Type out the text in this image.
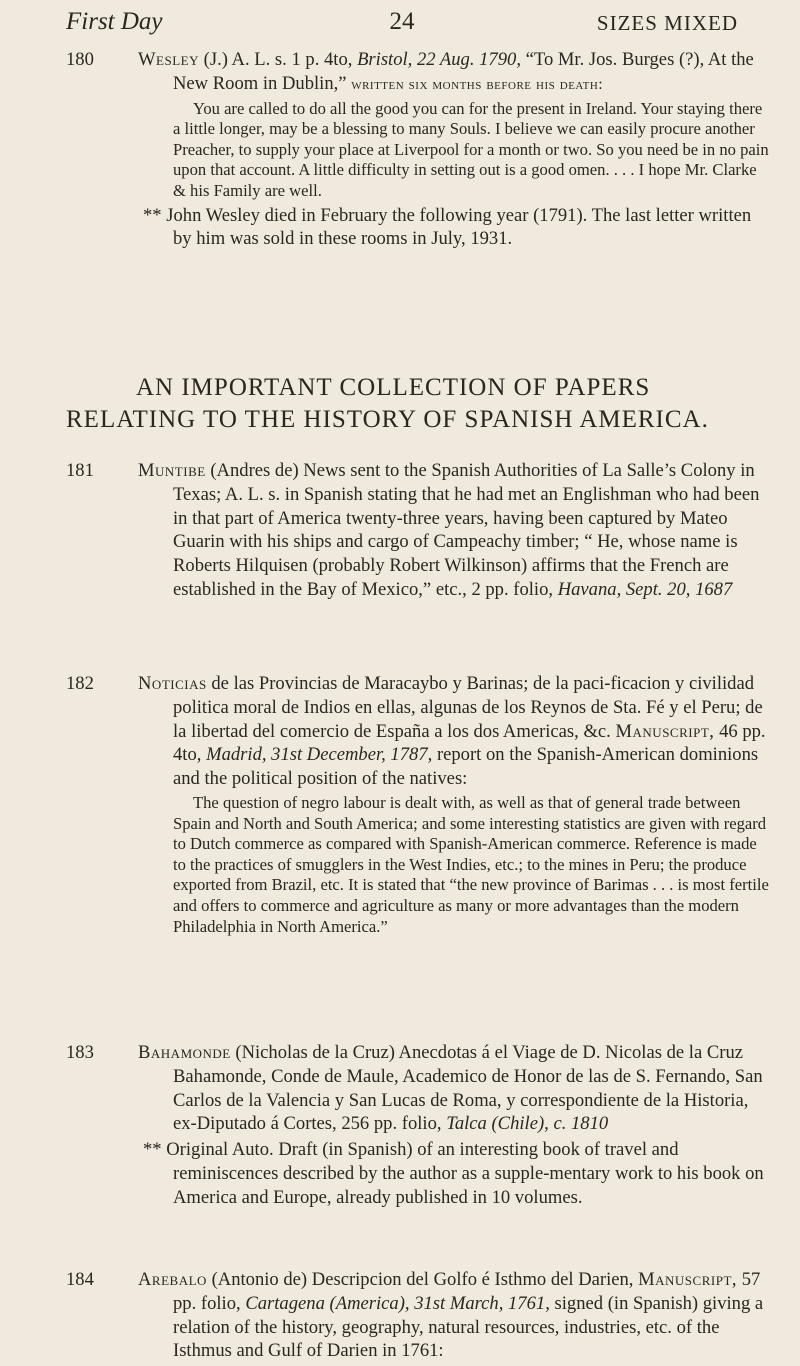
First Day	24	SIZES MIXED
180	Wesley (J.) A. L. s. 1 p. 4to, Bristol, 22 Aug. 1790, “To Mr. Jos. Burges (?), At the New Room in Dublin,” written six months before his death:
You are called to do all the good you can for the present in Ireland. Your staying there a little longer, may be a blessing to many Souls. I believe we can easily procure another Preacher, to supply your place at Liverpool for a month or two. So you need be in no pain upon that account. A little difficulty in setting out is a good omen. . . . I hope Mr. Clarke & his Family are well.
** John Wesley died in February the following year (1791). The last letter written by him was sold in these rooms in July, 1931.
AN IMPORTANT COLLECTION OF PAPERS
RELATING TO THE HISTORY OF SPANISH AMERICA.
181	Muntibe (Andres de) News sent to the Spanish Authorities of La Salle’s Colony in Texas; A. L. s. in Spanish stating that he had met an Englishman who had been in that part of America twenty-three years, having been captured by Mateo Guarin with his ships and cargo of Campeachy timber; “ He, whose name is Roberts Hilquisen (probably Robert Wilkinson) affirms that the French are established in the Bay of Mexico,” etc., 2 pp. folio, Havana, Sept. 20, 1687
182	Noticias de las Provincias de Maracaybo y Barinas; de la paci-ficacion y civilidad politica moral de Indios en ellas, algunas de los Reynos de Sta. Fé y el Peru; de la libertad del comercio de España a los dos Americas, &c. Manuscript, 46 pp. 4to, Madrid, 31st December, 1787, report on the Spanish-American dominions and the political position of the natives:
The question of negro labour is dealt with, as well as that of general trade between Spain and North and South America; and some interesting statistics are given with regard to Dutch commerce as compared with Spanish-American commerce. Reference is made to the practices of smugglers in the West Indies, etc.; to the mines in Peru; the produce exported from Brazil, etc. It is stated that “the new province of Barimas . . . is most fertile and offers to commerce and agriculture as many or more advantages than the modern Philadelphia in North America.”
183	Bahamonde (Nicholas de la Cruz) Anecdotas á el Viage de D. Nicolas de la Cruz Bahamonde, Conde de Maule, Academico de Honor de las de S. Fernando, San Carlos de la Valencia y San Lucas de Roma, y correspondiente de la Historia, ex-Diputado á Cortes, 256 pp. folio, Talca (Chile), c. 1810
** Original Auto. Draft (in Spanish) of an interesting book of travel and reminiscences described by the author as a supple-mentary work to his book on America and Europe, already published in 10 volumes.
184	Arebalo (Antonio de) Descripcion del Golfo é Isthmo del Darien, Manuscript, 57 pp. folio, Cartagena (America), 31st March, 1761, signed (in Spanish) giving a relation of the history, geography, natural resources, industries, etc. of the Isthmus and Gulf of Darien in 1761:
